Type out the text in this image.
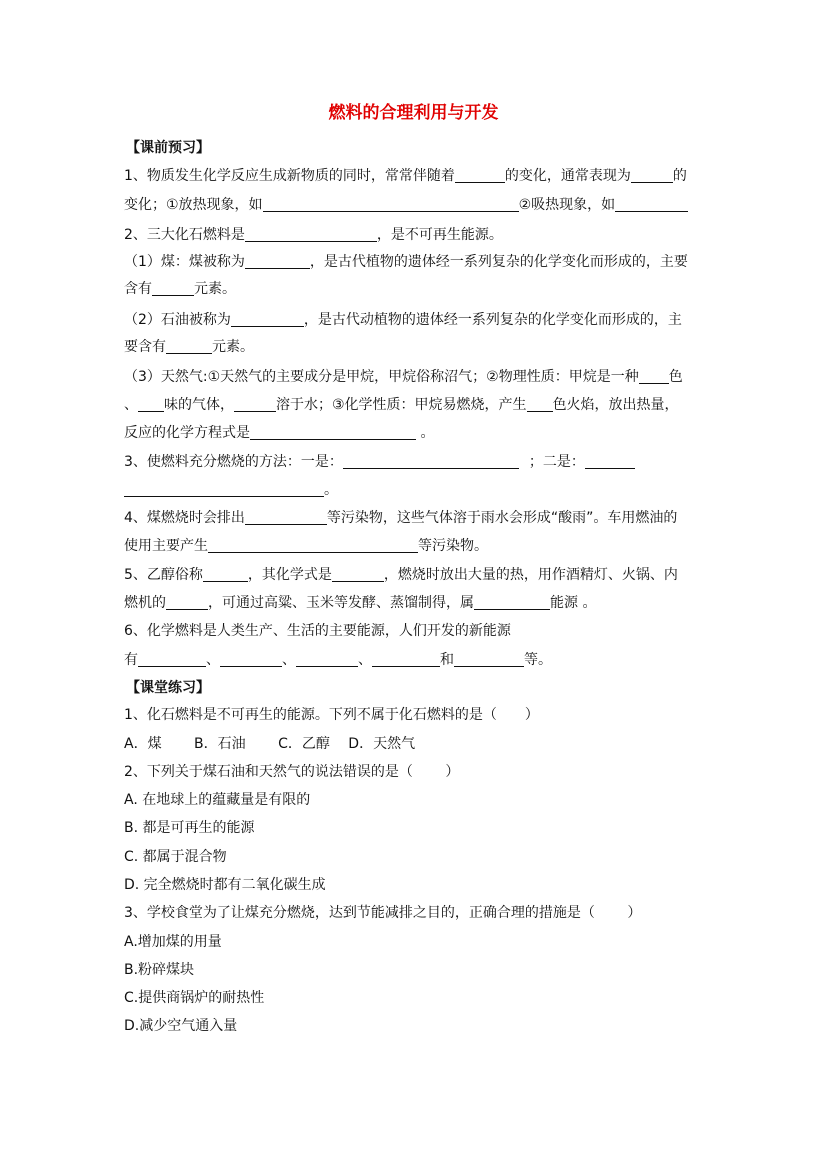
燃料的合理利用与开发
【课前预习】
1、物质发生化学反应生成新物质的同时，常常伴随着	的变化，通常表现为	的
变化；①放热现象，如	②吸热现象，如
2、三大化石燃料是	，是不可再生能源。
（1）煤：煤被称为	，是古代植物的遗体经一系列复杂的化学变化而形成的，主要
含有	元素。
（2）石油被称为	，是古代动植物的遗体经一系列复杂的化学变化而形成的，主
要含有	元素。
（3）天然气:①天然气的主要成分是甲烷，甲烷俗称沼气；②物理性质：甲烷是一种 色
、 味的气体，	溶于水；③化学性质：甲烷易燃烧，产生 色火焰，放出热量，
反应的化学方程式是	。
3、使燃料充分燃烧的方法：一是：	；二是：
。
4、煤燃烧时会排出	等污染物，这些气体溶于雨水会形成“酸雨”。车用燃油的
使用主要产生	等污染物。
5、乙醇俗称	，其化学式是	，燃烧时放出大量的热，用作酒精灯、火锅、内
燃机的	，可通过高粱、玉米等发酵、蒸馏制得，属	能源 。
6、化学燃料是人类生产、生活的主要能源，人们开发的新能源
有	、	、	、	和	等。
【课堂练习】
1、化石燃料是不可再生的能源。下列不属于化石燃料的是（　　）
A．煤　　 B．石油　　 C．乙醇　 D．天然气
2、下列关于煤石油和天然气的说法错误的是（　　 ）
A. 在地球上的蕴藏量是有限的
B. 都是可再生的能源
C. 都属于混合物
D. 完全燃烧时都有二氧化碳生成
3、学校食堂为了让煤充分燃烧，达到节能减排之目的，正确合理的措施是（　　 ）
A.增加煤的用量
B.粉碎煤块
C.提供商锅炉的耐热性
D.减少空气通入量
